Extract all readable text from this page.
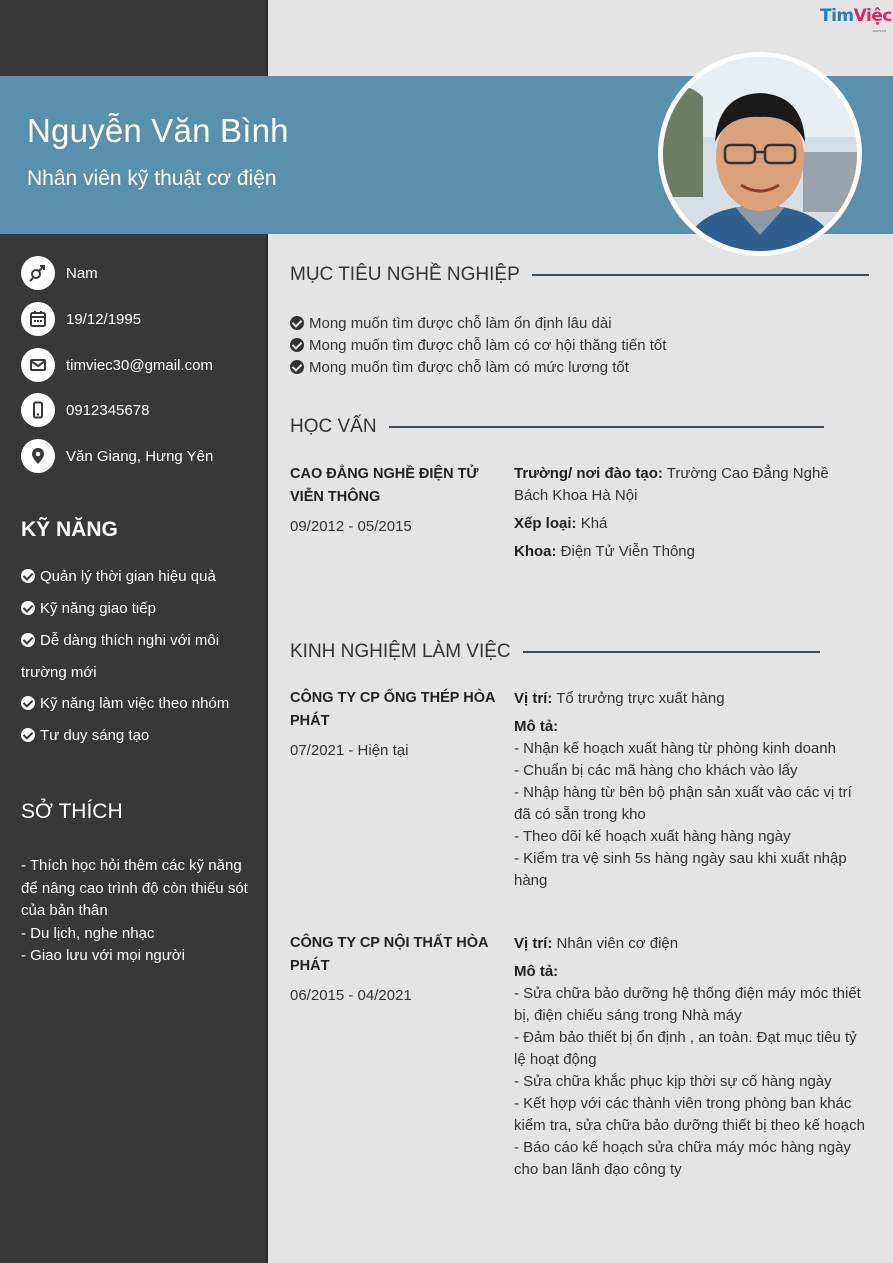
TimViệc
.com.vn
Nguyễn Văn Bình
Nhân viên kỹ thuật cơ điện
Nam
19/12/1995
timviec30@gmail.com
0912345678
Văn Giang, Hưng Yên
KỸ NĂNG
Quản lý thời gian hiệu quả
Kỹ năng giao tiếp
Dễ dàng thích nghi với môi trường mới
Kỹ năng làm việc theo nhóm
Tư duy sáng tạo
SỞ THÍCH
- Thích học hỏi thêm các kỹ năng để nâng cao trình độ còn thiếu sót của bản thân
- Du lịch, nghe nhạc
- Giao lưu với mọi người
MỤC TIÊU NGHỀ NGHIỆP
Mong muốn tìm được chỗ làm ổn định lâu dài
Mong muốn tìm được chỗ làm có cơ hội thăng tiến tốt
Mong muốn tìm được chỗ làm có mức lương tốt
HỌC VẤN
CAO ĐẲNG NGHỀ ĐIỆN TỬ VIỄN THÔNG
09/2012 - 05/2015
Trường/ nơi đào tạo: Trường Cao Đẳng Nghề Bách Khoa Hà Nội
Xếp loại: Khá
Khoa: Điện Tử Viễn Thông
KINH NGHIỆM LÀM VIỆC
CÔNG TY CP ỐNG THÉP HÒA PHÁT
07/2021 - Hiện tại
Vị trí: Tổ trưởng trực xuất hàng
Mô tả:
- Nhận kế hoạch xuất hàng từ phòng kinh doanh
- Chuẩn bị các mã hàng cho khách vào lấy
- Nhập hàng từ bên bộ phận sản xuất vào các vị trí đã có sẵn trong kho
- Theo dõi kế hoạch xuất hàng hàng ngày
- Kiểm tra vệ sinh 5s hàng ngày sau khi xuất nhập hàng
CÔNG TY CP NỘI THẤT HÒA PHÁT
06/2015 - 04/2021
Vị trí: Nhân viên cơ điện
Mô tả:
- Sửa chữa bảo dưỡng hệ thống điện máy móc thiết bị, điện chiếu sáng trong Nhà máy
- Đảm bảo thiết bị ổn định , an toàn. Đạt mục tiêu tỷ lệ hoạt động
- Sửa chữa khắc phục kịp thời sự cố hàng ngày
- Kết hợp với các thành viên trong phòng ban khác kiểm tra, sửa chữa bảo dưỡng thiết bị theo kế hoạch
- Báo cáo kế hoạch sửa chữa máy móc hàng ngày cho ban lãnh đạo công ty
